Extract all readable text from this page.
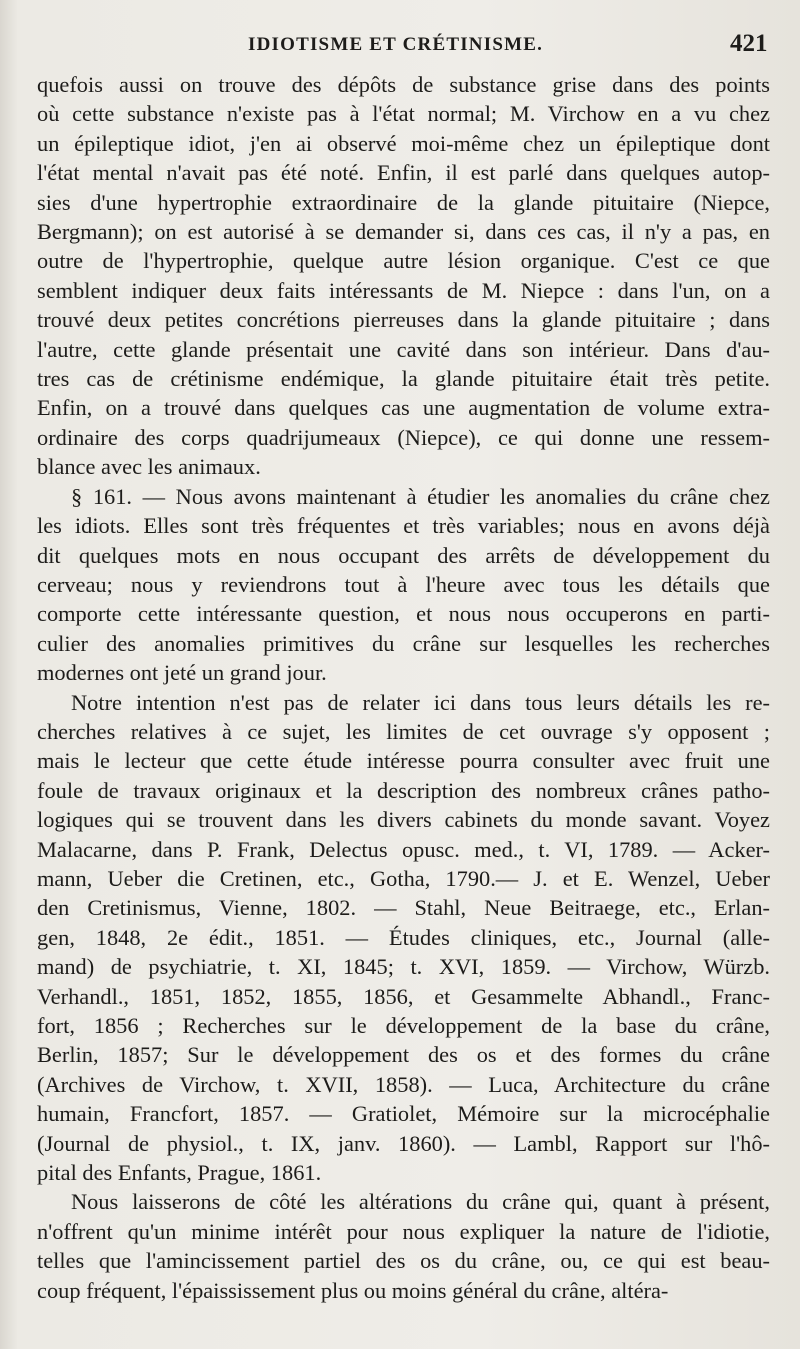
IDIOTISME ET CRÉTINISME.	421
quefois aussi on trouve des dépôts de substance grise dans des points
où cette substance n'existe pas à l'état normal; M. Virchow en a vu chez
un épileptique idiot, j'en ai observé moi-même chez un épileptique dont
l'état mental n'avait pas été noté. Enfin, il est parlé dans quelques autop-
sies d'une hypertrophie extraordinaire de la glande pituitaire (Niepce,
Bergmann); on est autorisé à se demander si, dans ces cas, il n'y a pas, en
outre de l'hypertrophie, quelque autre lésion organique. C'est ce que
semblent indiquer deux faits intéressants de M. Niepce : dans l'un, on a
trouvé deux petites concrétions pierreuses dans la glande pituitaire ; dans
l'autre, cette glande présentait une cavité dans son intérieur. Dans d'au-
tres cas de crétinisme endémique, la glande pituitaire était très petite.
Enfin, on a trouvé dans quelques cas une augmentation de volume extra-
ordinaire des corps quadrijumeaux (Niepce), ce qui donne une ressem-
blance avec les animaux.
§ 161. — Nous avons maintenant à étudier les anomalies du crâne chez
les idiots. Elles sont très fréquentes et très variables; nous en avons déjà
dit quelques mots en nous occupant des arrêts de développement du
cerveau; nous y reviendrons tout à l'heure avec tous les détails que
comporte cette intéressante question, et nous nous occuperons en parti-
culier des anomalies primitives du crâne sur lesquelles les recherches
modernes ont jeté un grand jour.
Notre intention n'est pas de relater ici dans tous leurs détails les re-
cherches relatives à ce sujet, les limites de cet ouvrage s'y opposent ;
mais le lecteur que cette étude intéresse pourra consulter avec fruit une
foule de travaux originaux et la description des nombreux crânes patho-
logiques qui se trouvent dans les divers cabinets du monde savant. Voyez
Malacarne, dans P. Frank, Delectus opusc. med., t. VI, 1789. — Acker-
mann, Ueber die Cretinen, etc., Gotha, 1790.— J. et E. Wenzel, Ueber
den Cretinismus, Vienne, 1802. — Stahl, Neue Beitraege, etc., Erlan-
gen, 1848, 2e édit., 1851. — Études cliniques, etc., Journal (alle-
mand) de psychiatrie, t. XI, 1845; t. XVI, 1859. — Virchow, Würzb.
Verhandl., 1851, 1852, 1855, 1856, et Gesammelte Abhandl., Franc-
fort, 1856 ; Recherches sur le développement de la base du crâne,
Berlin, 1857; Sur le développement des os et des formes du crâne
(Archives de Virchow, t. XVII, 1858). — Luca, Architecture du crâne
humain, Francfort, 1857. — Gratiolet, Mémoire sur la microcéphalie
(Journal de physiol., t. IX, janv. 1860). — Lambl, Rapport sur l'hô-
pital des Enfants, Prague, 1861.
Nous laisserons de côté les altérations du crâne qui, quant à présent,
n'offrent qu'un minime intérêt pour nous expliquer la nature de l'idiotie,
telles que l'amincissement partiel des os du crâne, ou, ce qui est beau-
coup fréquent, l'épaississement plus ou moins général du crâne, altéra-
